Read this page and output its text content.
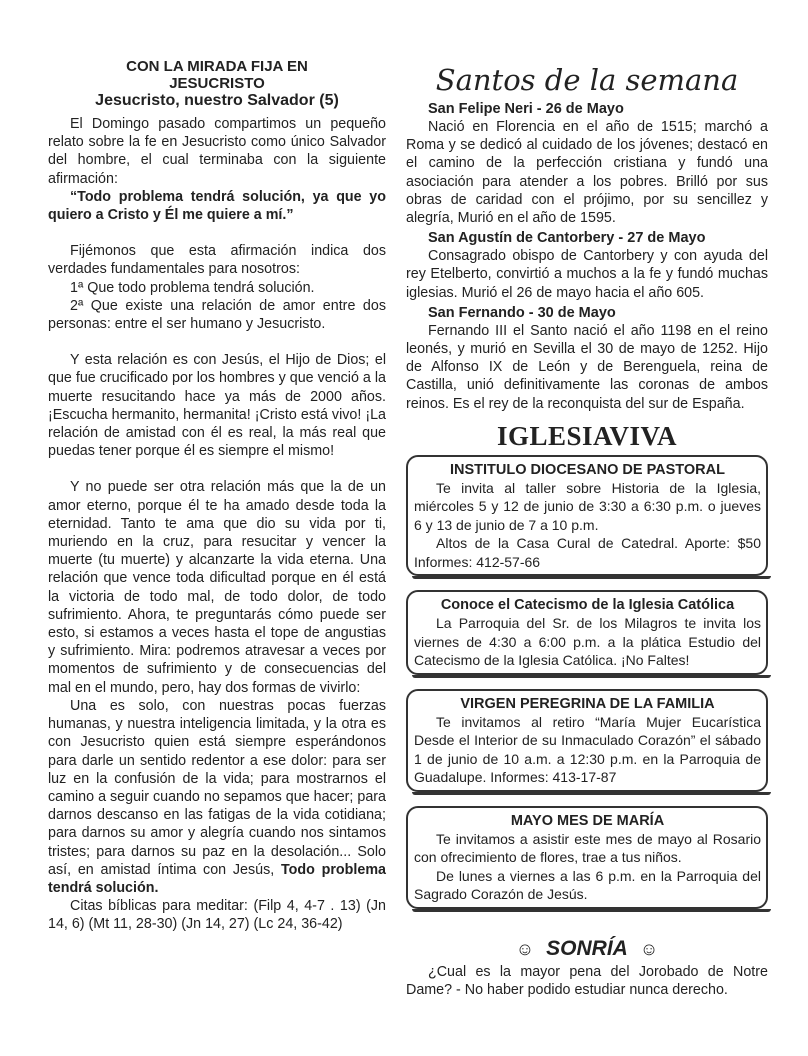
CON LA MIRADA FIJA EN

JESUCRISTO

Jesucristo, nuestro Salvador (5)

El Domingo pasado compartimos un pequeño relato sobre la fe en Jesucristo como único Salvador del hombre, el cual terminaba con la siguiente afirmación:

“Todo problema tendrá solución, ya que yo quiero a Cristo y Él me quiere a mí.”

Fijémonos que esta afirmación indica dos verdades fundamentales para nosotros:

1ª Que todo problema tendrá solución.

2ª Que existe una relación de amor entre dos personas: entre el ser humano y Jesucristo.

Y esta relación es con Jesús, el Hijo de Dios; el que fue crucificado por los hombres y que venció a la muerte resucitando hace ya más de 2000 años. ¡Escucha hermanito, hermanita! ¡Cristo está vivo! ¡La relación de amistad con él es real, la más real que puedas tener porque él es siempre el mismo!

Y no puede ser otra relación más que la de un amor eterno, porque él te ha amado desde toda la eternidad. Tanto te ama que dio su vida por ti, muriendo en la cruz, para resucitar y vencer la muerte (tu muerte) y alcanzarte la vida eterna. Una relación que vence toda dificultad porque en él está la victoria de todo mal, de todo dolor, de todo sufrimiento. Ahora, te preguntarás cómo puede ser esto, si estamos a veces hasta el tope de angustias y sufrimiento. Mira: podremos atravesar a veces por momentos de sufrimiento y de consecuencias del mal en el mundo, pero, hay dos formas de vivirlo:

Una es solo, con nuestras pocas fuerzas humanas, y nuestra inteligencia limitada, y la otra es con Jesucristo quien está siempre esperándonos para darle un sentido redentor a ese dolor: para ser luz en la confusión de la vida; para mostrarnos el camino a seguir cuando no sepamos que hacer; para darnos descanso en las fatigas de la vida cotidiana; para darnos su amor y alegría cuando nos sintamos tristes; para darnos su paz en la desolación... Solo así, en amistad íntima con Jesús, Todo problema tendrá solución.

Citas bíblicas para meditar: (Filp 4, 4-7 . 13) (Jn 14, 6) (Mt 11, 28-30) (Jn 14, 27) (Lc 24, 36-42)

Santos de la semana

San Felipe Neri - 26 de Mayo

Nació en Florencia en el año de 1515; marchó a Roma y se dedicó al cuidado de los jóvenes; destacó en el camino de la perfección cristiana y fundó una asociación para atender a los pobres. Brilló por sus obras de caridad con el prójimo, por su sencillez y alegría, Murió en el año de 1595.

San Agustín de Cantorbery - 27 de Mayo

Consagrado obispo de Cantorbery y con ayuda del rey Etelberto, convirtió a muchos a la fe y fundó muchas iglesias. Murió el 26 de mayo hacia el año 605.

San Fernando - 30 de Mayo

Fernando III el Santo nació el año 1198 en el reino leonés, y murió en Sevilla el 30 de mayo de 1252. Hijo de Alfonso IX de León y de Berenguela, reina de Castilla, unió definitivamente las coronas de ambos reinos. Es el rey de la reconquista del sur de España.

IGLESIAVIVA

INSTITULO DIOCESANO DE PASTORAL

Te invita al taller sobre Historia de la Iglesia, miércoles 5 y 12 de junio de 3:30 a 6:30 p.m. o jueves 6 y 13 de junio de 7 a 10 p.m.

Altos de la Casa Cural de Catedral. Aporte: $50 Informes: 412-57-66

Conoce el Catecismo de la Iglesia Católica

La Parroquia del Sr. de los Milagros te invita los viernes de 4:30 a 6:00 p.m. a la plática Estudio del Catecismo de la Iglesia Católica. ¡No Faltes!

VIRGEN PEREGRINA DE LA FAMILIA

Te invitamos al retiro “María Mujer Eucarística Desde el Interior de su Inmaculado Corazón” el sábado 1 de junio de 10 a.m. a 12:30 p.m. en la Parroquia de Guadalupe. Informes: 413-17-87

MAYO MES DE MARÍA

Te invitamos a asistir este mes de mayo al Rosario con ofrecimiento de flores, trae a tus niños.

De lunes a viernes a las 6 p.m. en la Parroquia del Sagrado Corazón de Jesús.

☺ SONRÍA ☺

¿Cual es la mayor pena del Jorobado de Notre Dame? - No haber podido estudiar nunca derecho.
